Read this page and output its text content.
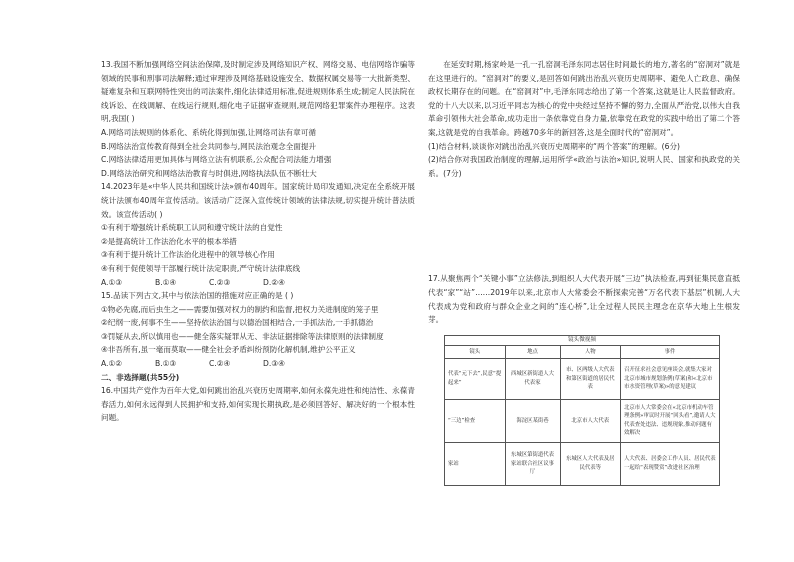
13.我国不断加强网络空间法治保障,及时制定涉及网络知识产权、网络交易、电信网络诈骗等领域的民事和刑事司法解释;通过审理涉及网络基础设施安全、数据权属交易等一大批新类型、疑难复杂和互联网特性突出的司法案件,细化法律适用标准,促进规则体系生成;制定人民法院在线诉讼、在线调解、在线运行规则,细化电子证据审查规则,规范网络犯罪案件办理程序。这表明,我国( )

A.网络司法规则的体系化、系统化得到加强,让网络司法有章可循

B.网络法治宣传教育得到全社会共同参与,网民法治观念全面提升

C.网络法律适用更加具体与网络立法有机联系,公众配合司法能力增强

D.网络法治研究和网络法治教育与时俱进,网络执法队伍不断壮大

14.2023年是«中华人民共和国统计法»颁布40周年。国家统计局印发通知,决定在全系统开展统计法颁布40周年宣传活动。该活动广泛深入宣传统计领域的法律法规,切实提升统计普法质效。该宣传活动( )

①有利于增强统计系统职工认同和遵守统计法的自觉性

②是提高统计工作法治化水平的根本举措

③有利于提升统计工作法治化进程中的领导核心作用

④有利于促使领导干部履行统计法定职责,严守统计法律底线

A.①③	B.①④	C.②③	D.②④

15.品读下列古文,其中与依法治国的措施对应正确的是 ( )

①物必先腐,而后虫生之——需要加强对权力的制约和监督,把权力关进制度的笼子里

②纪纲一废,何事不生——坚持依法治国与以德治国相结合,一手抓法治,一手抓德治

③罚疑从去,所以慎用也——健全落实疑罪从无、非法证据排除等法律原则的法律制度

④非吾所有,虽一毫而莫取——健全社会矛盾纠纷预防化解机制,维护公平正义

A.①②	B.①③	C.②④	D.③④

二、非选择题(共55分)

16.中国共产党作为百年大党,如何跳出治乱兴衰历史周期率,如何永葆先进性和纯洁性、永葆青春活力,如何永远得到人民拥护和支持,如何实现长期执政,是必须回答好、解决好的一个根本性问题。

在延安时期,杨家岭是一孔一孔窑洞毛泽东同志居住时间最长的地方,著名的“窑洞对”就是在这里进行的。“窑洞对”的要义,是回答如何跳出治乱兴衰历史周期率、避免人亡政息、确保政权长期存在的问题。在“窑洞对”中,毛泽东同志给出了第一个答案,这就是让人民监督政府。党的十八大以来,以习近平同志为核心的党中央经过坚持不懈的努力,全面从严治党,以伟大自我革命引领伟大社会革命,成功走出一条依靠党自身力量,依靠党在政党的实践中给出了第二个答案,这就是党的自我革命。跨越70多年的新回答,这是全面时代的“窑洞对”。

(1)结合材料,谈谈你对跳出治乱兴衰历史周期率的“两个答案”的理解。(6分)

(2)结合你对我国政治制度的理解,运用所学«政治与法治»知识,说明人民、国家和执政党的关系。(7分)

17.从聚焦两个“关键小事”立法修法,到组织人大代表开展“三边”执法检查,再到征集民意直抵代表“家”“站”……2019年以来,北京市人大常委会不断探索完善“万名代表下基层”机制,人大代表成为党和政府与群众企业之间的“连心桥”,让全过程人民民主理念在京华大地上生根发芽。

镜头微视频
镜头	地点	人物	事件
代表“元下去”,民意“提起来”	西城区新街道人大代表家	市、区两级人大代表和第区街道的居民代表	召开征求社会意见座谈会,就集大家对北京市城市规划条例(草案)和«北京市市水资管理(草案)»的意见建议
“三边”检查	海淀区某街巷	北京市人大代表	北京市人大常委会在«北京市机动车管理条例»审议时开展“回头看”,邀请人大代表查处违法、违规现象,推动问题有效解决
家站	东城区第街道代表家站联合社区议事厅	东城区人大代表及居民代表等	人大代表、居委会工作人员、居民代表一起给“表现赞赏”改进社区治理
